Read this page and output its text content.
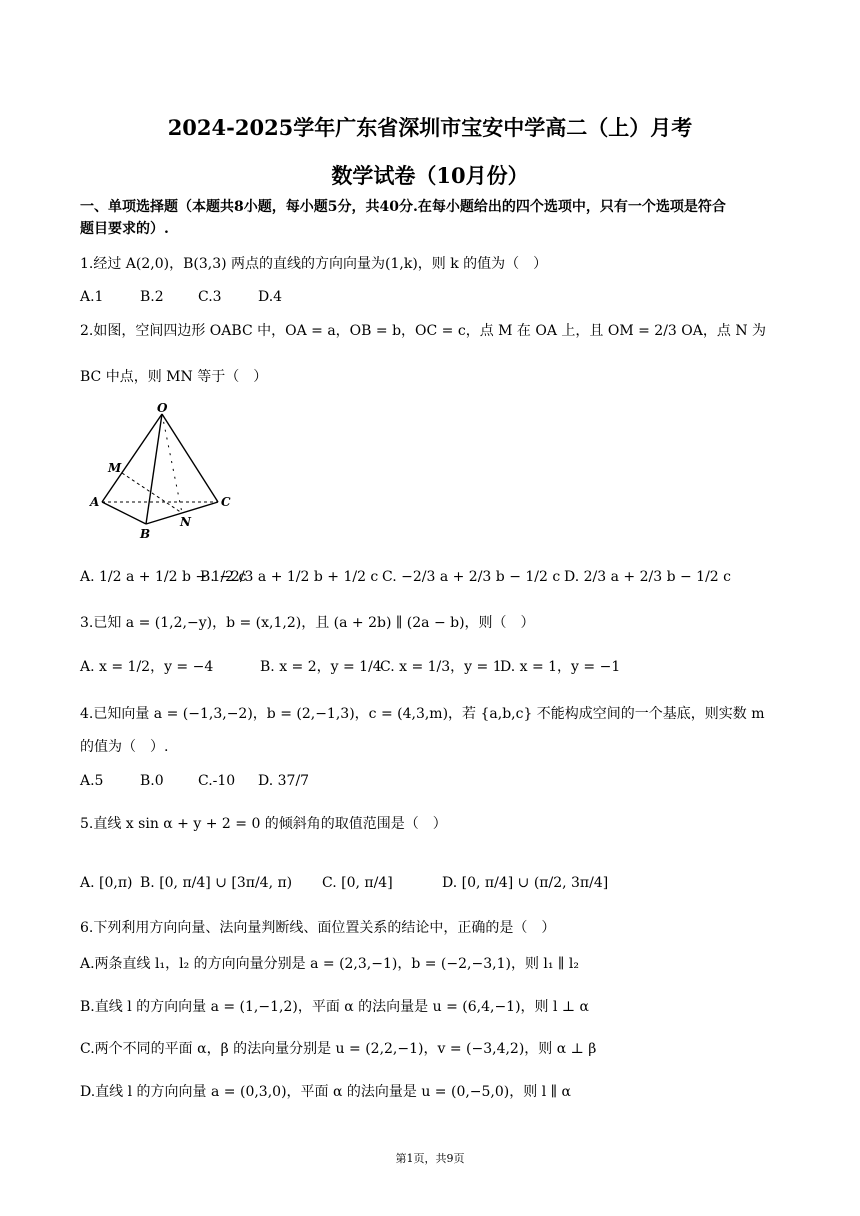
2024-2025学年广东省深圳市宝安中学高二（上）月考
数学试卷（10月份）
一、单项选择题（本题共8小题，每小题5分，共40分.在每小题给出的四个选项中，只有一个选项是符合
题目要求的）.
1.经过 A(2,0)，B(3,3) 两点的直线的方向向量为(1,k)，则 k 的值为（　）
A.1	B.2 C.3	D.4
2.如图，空间四边形 OABC 中，OA = a，OB = b，OC = c，点 M 在 OA 上，且 OM = 2/3 OA，点 N 为
BC 中点，则 MN 等于（　）
O
M
A
B
N
C
A. 1/2 a + 1/2 b − 1/2 c
B. −2/3 a + 1/2 b + 1/2 c C. −2/3 a + 2/3 b − 1/2 c D. 2/3 a + 2/3 b − 1/2 c
3.已知 a = (1,2,−y)，b = (x,1,2)，且 (a + 2b) ∥ (2a − b)，则（　）
A. x = 1/2，y = −4	B. x = 2，y = 1/4
C. x = 1/3，y = 1
D. x = 1，y = −1
4.已知向量 a = (−1,3,−2)，b = (2,−1,3)，c = (4,3,m)，若 {a,b,c} 不能构成空间的一个基底，则实数 m
的值为（　）.
A.5	B.0 C.-10 D. 37/7
5.直线 x sin α + y + 2 = 0 的倾斜角的取值范围是（　）
A. [0,π) B. [0, π/4] ∪ [3π/4, π) C. [0, π/4]	D. [0, π/4] ∪ (π/2, 3π/4]
6.下列利用方向向量、法向量判断线、面位置关系的结论中，正确的是（　）
A.两条直线 l₁，l₂ 的方向向量分别是 a = (2,3,−1)，b = (−2,−3,1)，则 l₁ ∥ l₂
B.直线 l 的方向向量 a = (1,−1,2)，平面 α 的法向量是 u = (6,4,−1)，则 l ⊥ α
C.两个不同的平面 α，β 的法向量分别是 u = (2,2,−1)，v = (−3,4,2)，则 α ⊥ β
D.直线 l 的方向向量 a = (0,3,0)，平面 α 的法向量是 u = (0,−5,0)，则 l ∥ α
第1页，共9页
